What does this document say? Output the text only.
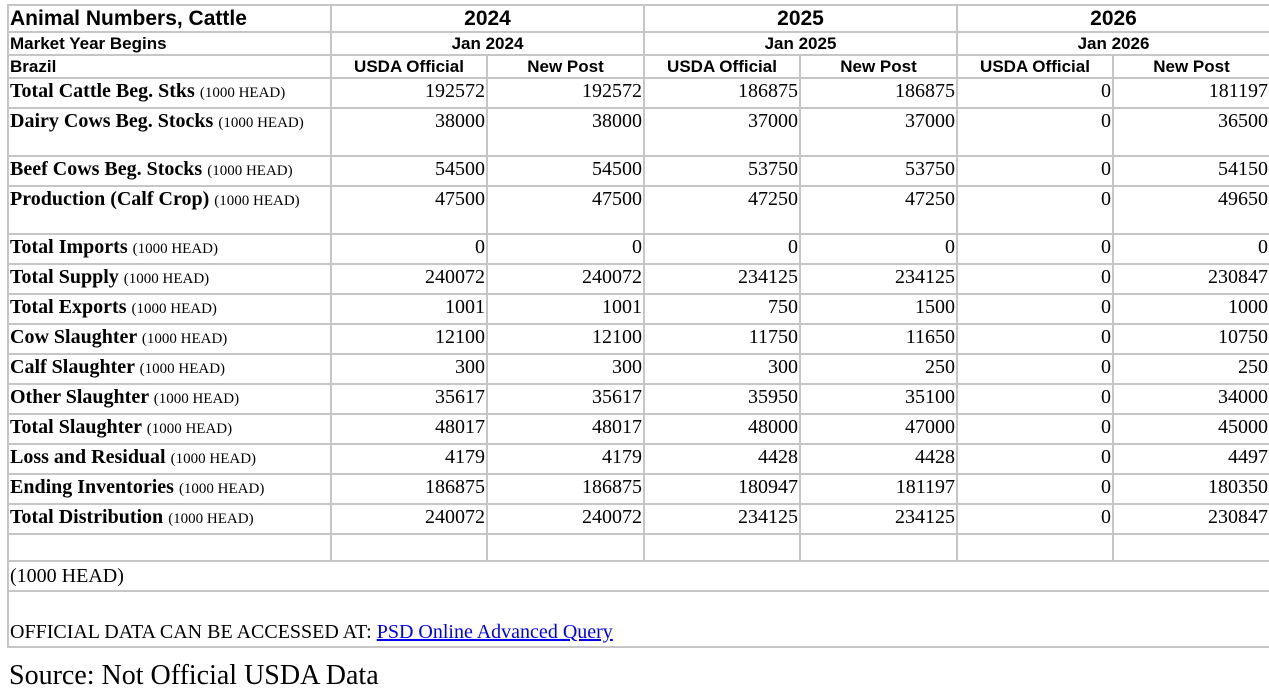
Animal Numbers, Cattle	2024		2025		2026	
Market Year Begins	Jan 2024		Jan 2025		Jan 2026	
Brazil	USDA Official	New Post	USDA Official	New Post	USDA Official	New Post
Total Cattle Beg. Stks (1000 HEAD)	192572	192572	186875	186875	0	181197
Dairy Cows Beg. Stocks (1000 HEAD)	38000	38000	37000	37000	0	36500
Beef Cows Beg. Stocks (1000 HEAD)	54500	54500	53750	53750	0	54150
Production (Calf Crop) (1000 HEAD)	47500	47500	47250	47250	0	49650
Total Imports (1000 HEAD)	0	0	0	0	0	0
Total Supply (1000 HEAD)	240072	240072	234125	234125	0	230847
Total Exports (1000 HEAD)	1001	1001	750	1500	0	1000
Cow Slaughter (1000 HEAD)	12100	12100	11750	11650	0	10750
Calf Slaughter (1000 HEAD)	300	300	300	250	0	250
Other Slaughter (1000 HEAD)	35617	35617	35950	35100	0	34000
Total Slaughter (1000 HEAD)	48017	48017	48000	47000	0	45000
Loss and Residual (1000 HEAD)	4179	4179	4428	4428	0	4497
Ending Inventories (1000 HEAD)	186875	186875	180947	181197	0	180350
Total Distribution (1000 HEAD)	240072	240072	234125	234125	0	230847

(1000 HEAD)						
OFFICIAL DATA CAN BE ACCESSED AT: PSD Online Advanced Query						

Source: Not Official USDA Data
